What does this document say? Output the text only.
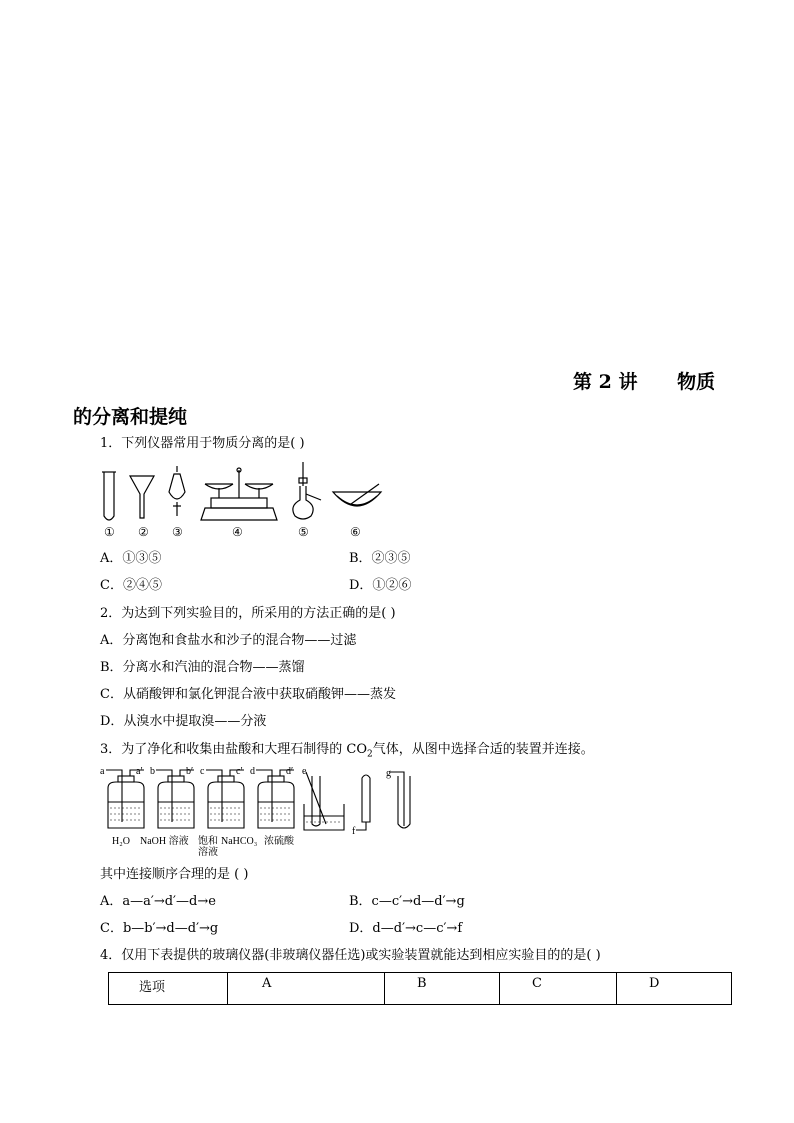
第 2 讲      物质
的分离和提纯
1．下列仪器常用于物质分离的是( )
① ② ③	④	⑤	⑥
A．①③⑤	B．②③⑤
C．②④⑤	D．①②⑥
2．为达到下列实验目的，所采用的方法正确的是( )
A．分离饱和食盐水和沙子的混合物——过滤
B．分离水和汽油的混合物——蒸馏
C．从硝酸钾和氯化钾混合液中获取硝酸钾——蒸发
D．从溴水中提取溴——分液
3．为了净化和收集由盐酸和大理石制得的 $CO_2$气体，从图中选择合适的装置并连接。
a	a′ b	b′ c	c′ d	d′ e
f
g
H₂O NaOH 溶液 饱和 NaHCO₃
溶液
浓硫酸
其中连接顺序合理的是 ( )
A．a—a′→d′—d→e	B．c—c′→d—d′→g
C．b—b′→d—d′→g	D．d—d′→c—c′→f
4．仅用下表提供的玻璃仪器(非玻璃仪器任选)或实验装置就能达到相应实验目的的是( )
选项	A	B	C	D
